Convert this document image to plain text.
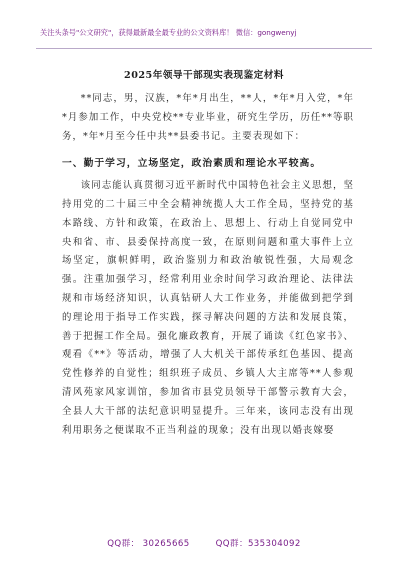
关注头条号"公文研究"，获得最新最全最专业的公文资料库！ 微信：gongwenyj
2025年领导干部现实表现鉴定材料

**同志，男，汉族，*年*月出生，**人，*年*月入党，*年*月参加工作，中央党校**专业毕业，研究生学历，历任**等职务，*年*月至今任中共**县委书记。主要表现如下：

一、勤于学习，立场坚定，政治素质和理论水平较高。

该同志能认真贯彻习近平新时代中国特色社会主义思想，坚持用党的二十届三中全会精神统揽人大工作全局，坚持党的基本路线、方针和政策，在政治上、思想上、行动上自觉同党中央和省、市、县委保持高度一致，在原则问题和重大事件上立场坚定，旗帜鲜明，政治鉴别力和政治敏锐性强，大局观念强。注重加强学习，经常利用业余时间学习政治理论、法律法规和市场经济知识，认真钻研人大工作业务，并能做到把学到的理论用于指导工作实践，探寻解决问题的方法和发展良策，善于把握工作全局。强化廉政教育，开展了诵读《红色家书》、观看《**》等活动，增强了人大机关干部传承红色基因、提高党性修养的自觉性；组织班子成员、乡镇人大主席等**人参观清风苑家风家训馆，参加省市县党员领导干部警示教育大会，全县人大干部的法纪意识明显提升。三年来，该同志没有出现利用职务之便谋取不正当利益的现象；没有出现以婚丧嫁娶

QQ群： 30265665	QQ群：535304092
